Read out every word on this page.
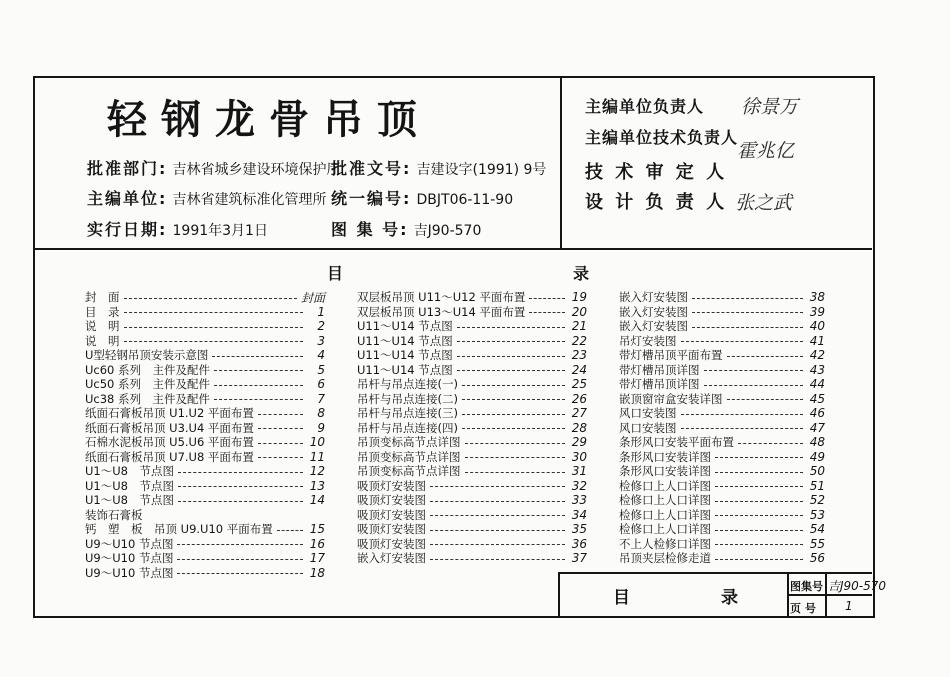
轻钢龙骨吊顶
批准部门: 吉林省城乡建设环境保护厅
批准文号: 吉建设字(1991) 9号
主编单位: 吉林省建筑标准化管理所 统一编号: DBJT06-11-90
实行日期: 1991年3月1日	图 集 号: 吉J90-570
主编单位负责人 徐景万
主编单位技术负责人
霍兆亿
技 术 审 定 人
设 计 负 责 人 张之武
目	录
封　面	封面
目　录	1
说　明	2
说　明	3
U型轻钢吊顶安装示意图	4
Uc60 系列　主件及配件	5
Uc50 系列　主件及配件	6
Uc38 系列　主件及配件	7
纸面石膏板吊顶 U1.U2 平面布置	8
纸面石膏板吊顶 U3.U4 平面布置	9
石棉水泥板吊顶 U5.U6 平面布置	10
纸面石膏板吊顶 U7.U8 平面布置	11
U1～U8　节点图	12
U1～U8　节点图	13
U1～U8　节点图	14
装饰石膏板
钙　塑　板　吊顶 U9.U10 平面布置	15
U9～U10 节点图	16
U9～U10 节点图	17
U9～U10 节点图	18
双层板吊顶 U11～U12 平面布置	19
双层板吊顶 U13～U14 平面布置	20
U11～U14 节点图	21
U11～U14 节点图	22
U11～U14 节点图	23
U11～U14 节点图	24
吊杆与吊点连接(一)	25
吊杆与吊点连接(二)	26
吊杆与吊点连接(三)	27
吊杆与吊点连接(四)	28
吊顶变标高节点详图	29
吊顶变标高节点详图	30
吊顶变标高节点详图	31
吸顶灯安装图	32
吸顶灯安装图	33
吸顶灯安装图	34
吸顶灯安装图	35
吸顶灯安装图	36
嵌入灯安装图	37
嵌入灯安装图	38
嵌入灯安装图	39
嵌入灯安装图	40
吊灯安装图	41
带灯槽吊顶平面布置	42
带灯槽吊顶详图	43
带灯槽吊顶详图	44
嵌顶窗帘盒安装详图	45
风口安装图	46
风口安装图	47
条形风口安装平面布置	48
条形风口安装详图	49
条形风口安装详图	50
检修口上人口详图	51
检修口上人口详图	52
检修口上人口详图	53
检修口上人口详图	54
不上人检修口详图	55
吊顶夹层检修走道	56
目	录
图集号 吉J90-570
页 号 1
